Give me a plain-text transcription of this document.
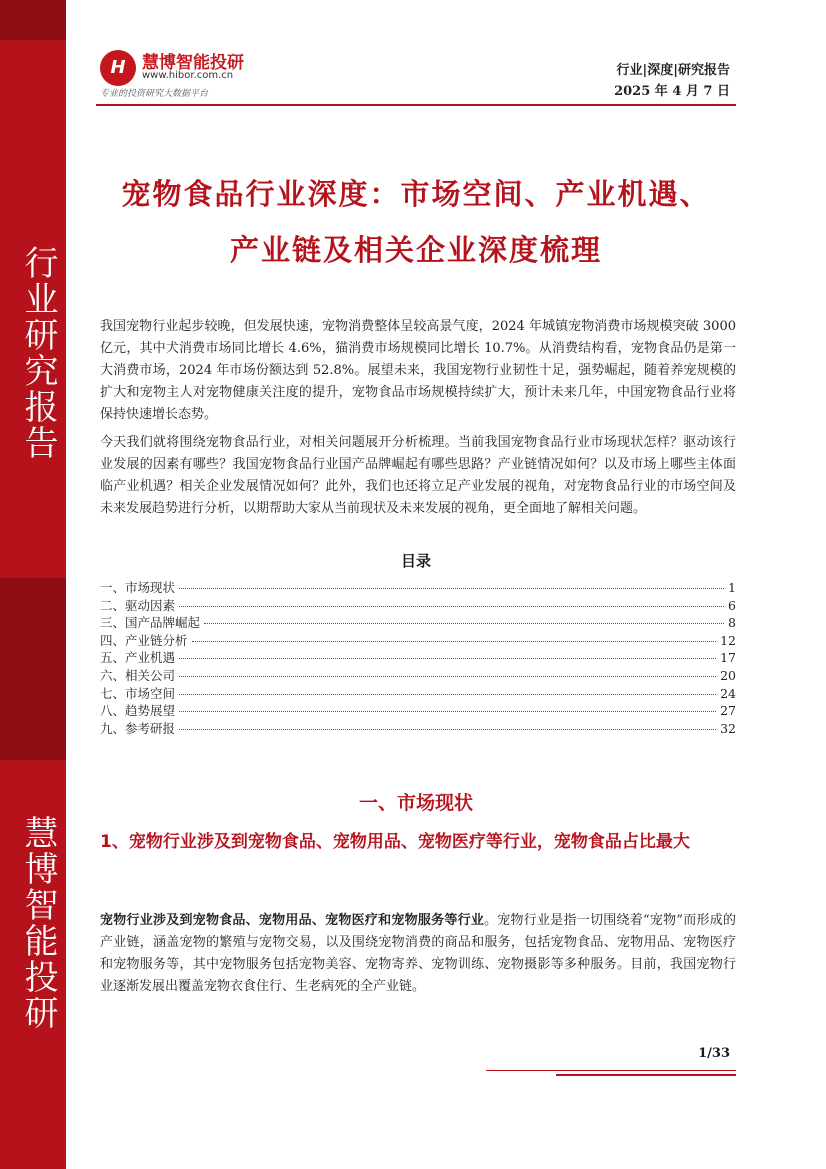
行业研究报告
慧博智能投研
H 慧博智能投研
www.hibor.com.cn
专业的投资研究大数据平台
行业|深度|研究报告
2025 年 4 月 7 日
宠物食品行业深度：市场空间、产业机遇、
产业链及相关企业深度梳理
我国宠物行业起步较晚，但发展快速，宠物消费整体呈较高景气度，2024 年城镇宠物消费市场规模突破 3000 亿元，其中犬消费市场同比增长 4.6%，猫消费市场规模同比增长 10.7%。从消费结构看，宠物食品仍是第一大消费市场，2024 年市场份额达到 52.8%。展望未来，我国宠物行业韧性十足，强势崛起，随着养宠规模的扩大和宠物主人对宠物健康关注度的提升，宠物食品市场规模持续扩大，预计未来几年，中国宠物食品行业将保持快速增长态势。
今天我们就将围绕宠物食品行业，对相关问题展开分析梳理。当前我国宠物食品行业市场现状怎样？驱动该行业发展的因素有哪些？我国宠物食品行业国产品牌崛起有哪些思路？产业链情况如何？以及市场上哪些主体面临产业机遇？相关企业发展情况如何？此外，我们也还将立足产业发展的视角，对宠物食品行业的市场空间及未来发展趋势进行分析，以期帮助大家从当前现状及未来发展的视角，更全面地了解相关问题。
目录
一、市场现状	1
二、驱动因素	6
三、国产品牌崛起	8
四、产业链分析	12
五、产业机遇	17
六、相关公司	20
七、市场空间	24
八、趋势展望	27
九、参考研报	32
一、市场现状
1、宠物行业涉及到宠物食品、宠物用品、宠物医疗等行业，宠物食品占比最大
宠物行业涉及到宠物食品、宠物用品、宠物医疗和宠物服务等行业。宠物行业是指一切围绕着“宠物”而形成的产业链，涵盖宠物的繁殖与宠物交易，以及围绕宠物消费的商品和服务，包括宠物食品、宠物用品、宠物医疗和宠物服务等，其中宠物服务包括宠物美容、宠物寄养、宠物训练、宠物摄影等多种服务。目前，我国宠物行业逐渐发展出覆盖宠物衣食住行、生老病死的全产业链。
1/33
